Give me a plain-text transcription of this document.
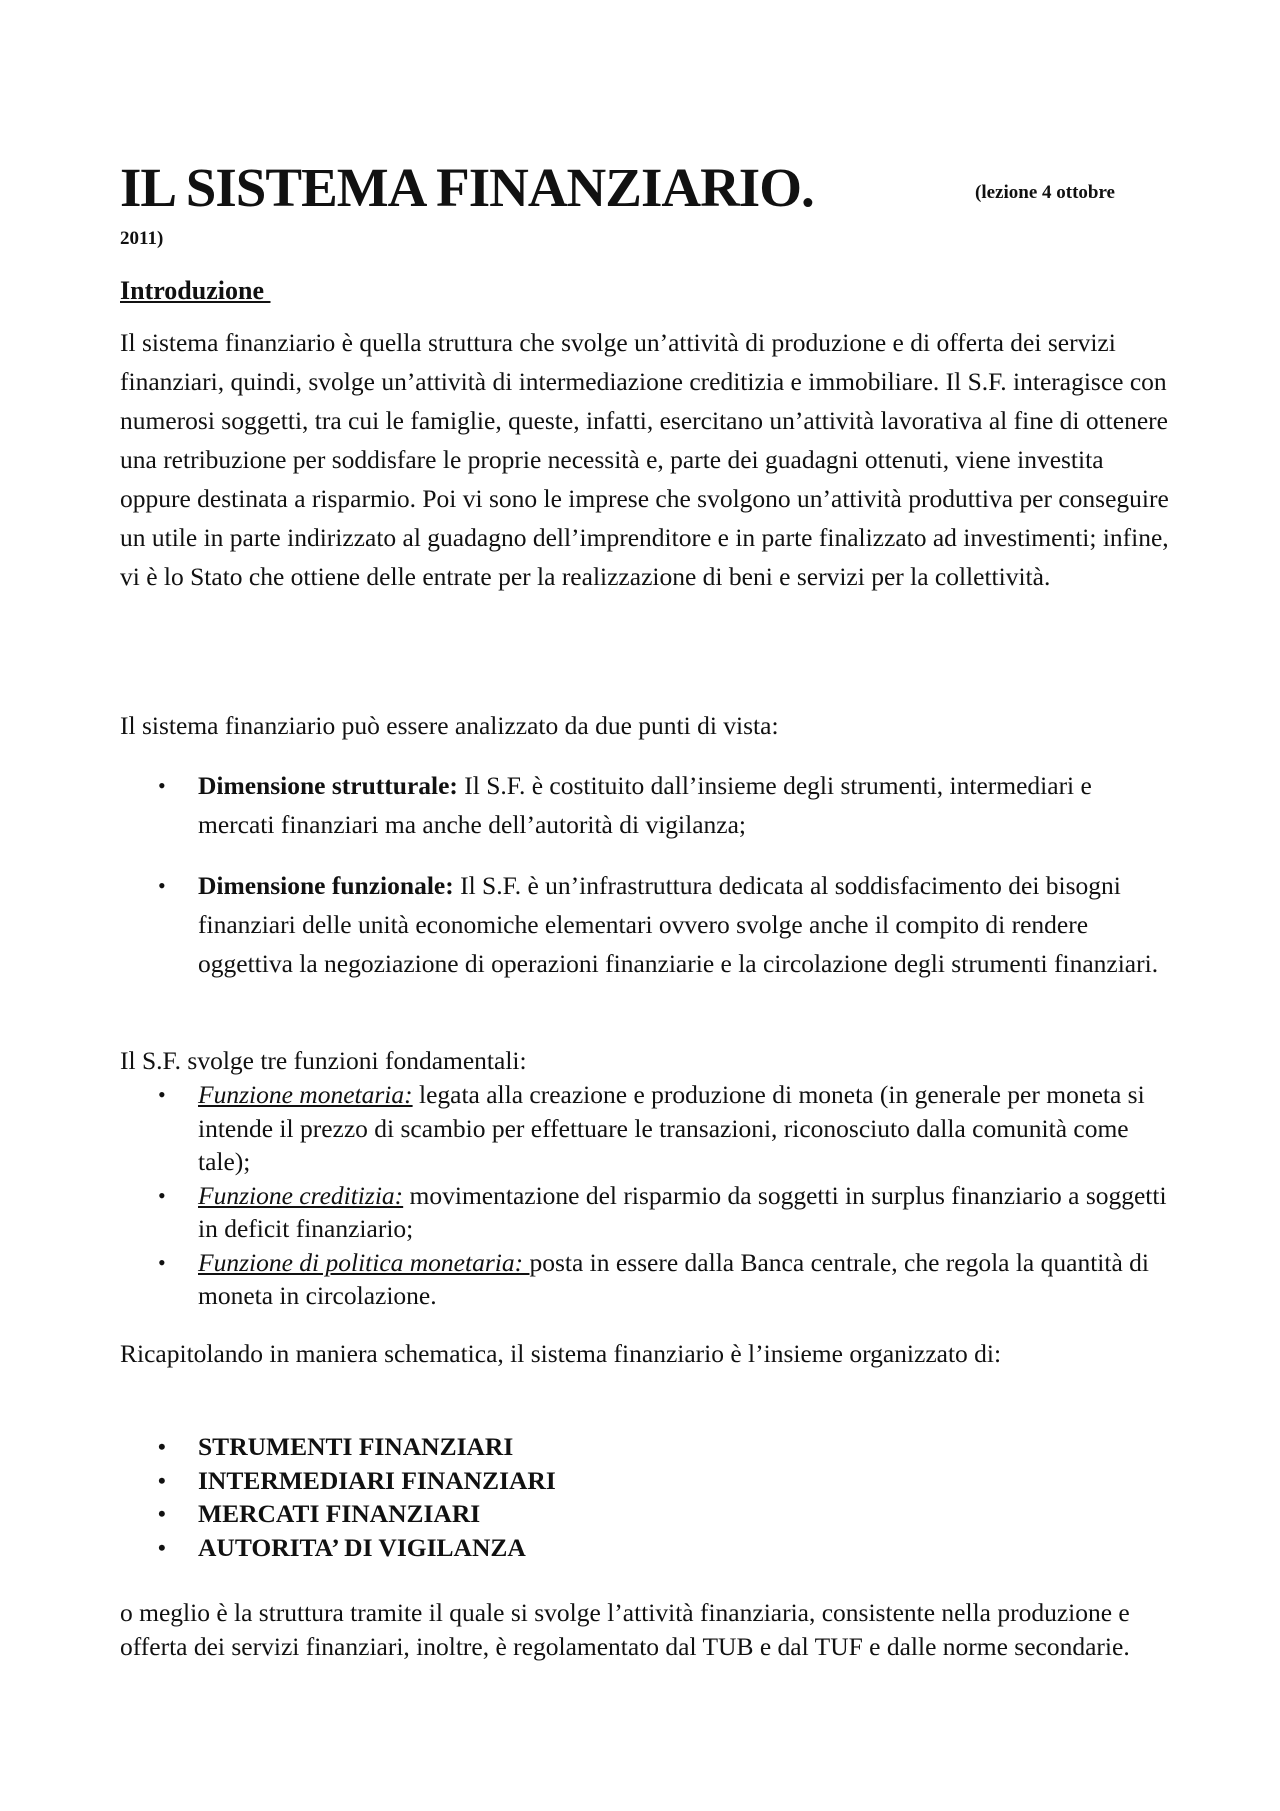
IL SISTEMA FINANZIARIO.	(lezione 4 ottobre
2011)
Introduzione

Il sistema finanziario è quella struttura che svolge un’attività di produzione e di offerta dei servizi finanziari, quindi, svolge un’attività di intermediazione creditizia e immobiliare. Il S.F. interagisce con numerosi soggetti, tra cui le famiglie, queste, infatti, esercitano un’attività lavorativa al fine di ottenere una retribuzione per soddisfare le proprie necessità e, parte dei guadagni ottenuti, viene investita oppure destinata a risparmio. Poi vi sono le imprese che svolgono un’attività produttiva per conseguire un utile in parte indirizzato al guadagno dell’imprenditore e in parte finalizzato ad investimenti; infine, vi è lo Stato che ottiene delle entrate per la realizzazione di beni e servizi per la collettività.

Il sistema finanziario può essere analizzato da due punti di vista:

• Dimensione strutturale: Il S.F. è costituito dall’insieme degli strumenti, intermediari e mercati finanziari ma anche dell’autorità di vigilanza;
• Dimensione funzionale: Il S.F. è un’infrastruttura dedicata al soddisfacimento dei bisogni finanziari delle unità economiche elementari ovvero svolge anche il compito di rendere oggettiva la negoziazione di operazioni finanziarie e la circolazione degli strumenti finanziari.

Il S.F. svolge tre funzioni fondamentali:

• Funzione monetaria: legata alla creazione e produzione di moneta (in generale per moneta si intende il prezzo di scambio per effettuare le transazioni, riconosciuto dalla comunità come tale);
• Funzione creditizia: movimentazione del risparmio da soggetti in surplus finanziario a soggetti in deficit finanziario;
• Funzione di politica monetaria: posta in essere dalla Banca centrale, che regola la quantità di moneta in circolazione.

Ricapitolando in maniera schematica, il sistema finanziario è l’insieme organizzato di:

• STRUMENTI FINANZIARI
• INTERMEDIARI FINANZIARI
• MERCATI FINANZIARI
• AUTORITA’ DI VIGILANZA

o meglio è la struttura tramite il quale si svolge l’attività finanziaria, consistente nella produzione e offerta dei servizi finanziari, inoltre, è regolamentato dal TUB e dal TUF e dalle norme secondarie.
